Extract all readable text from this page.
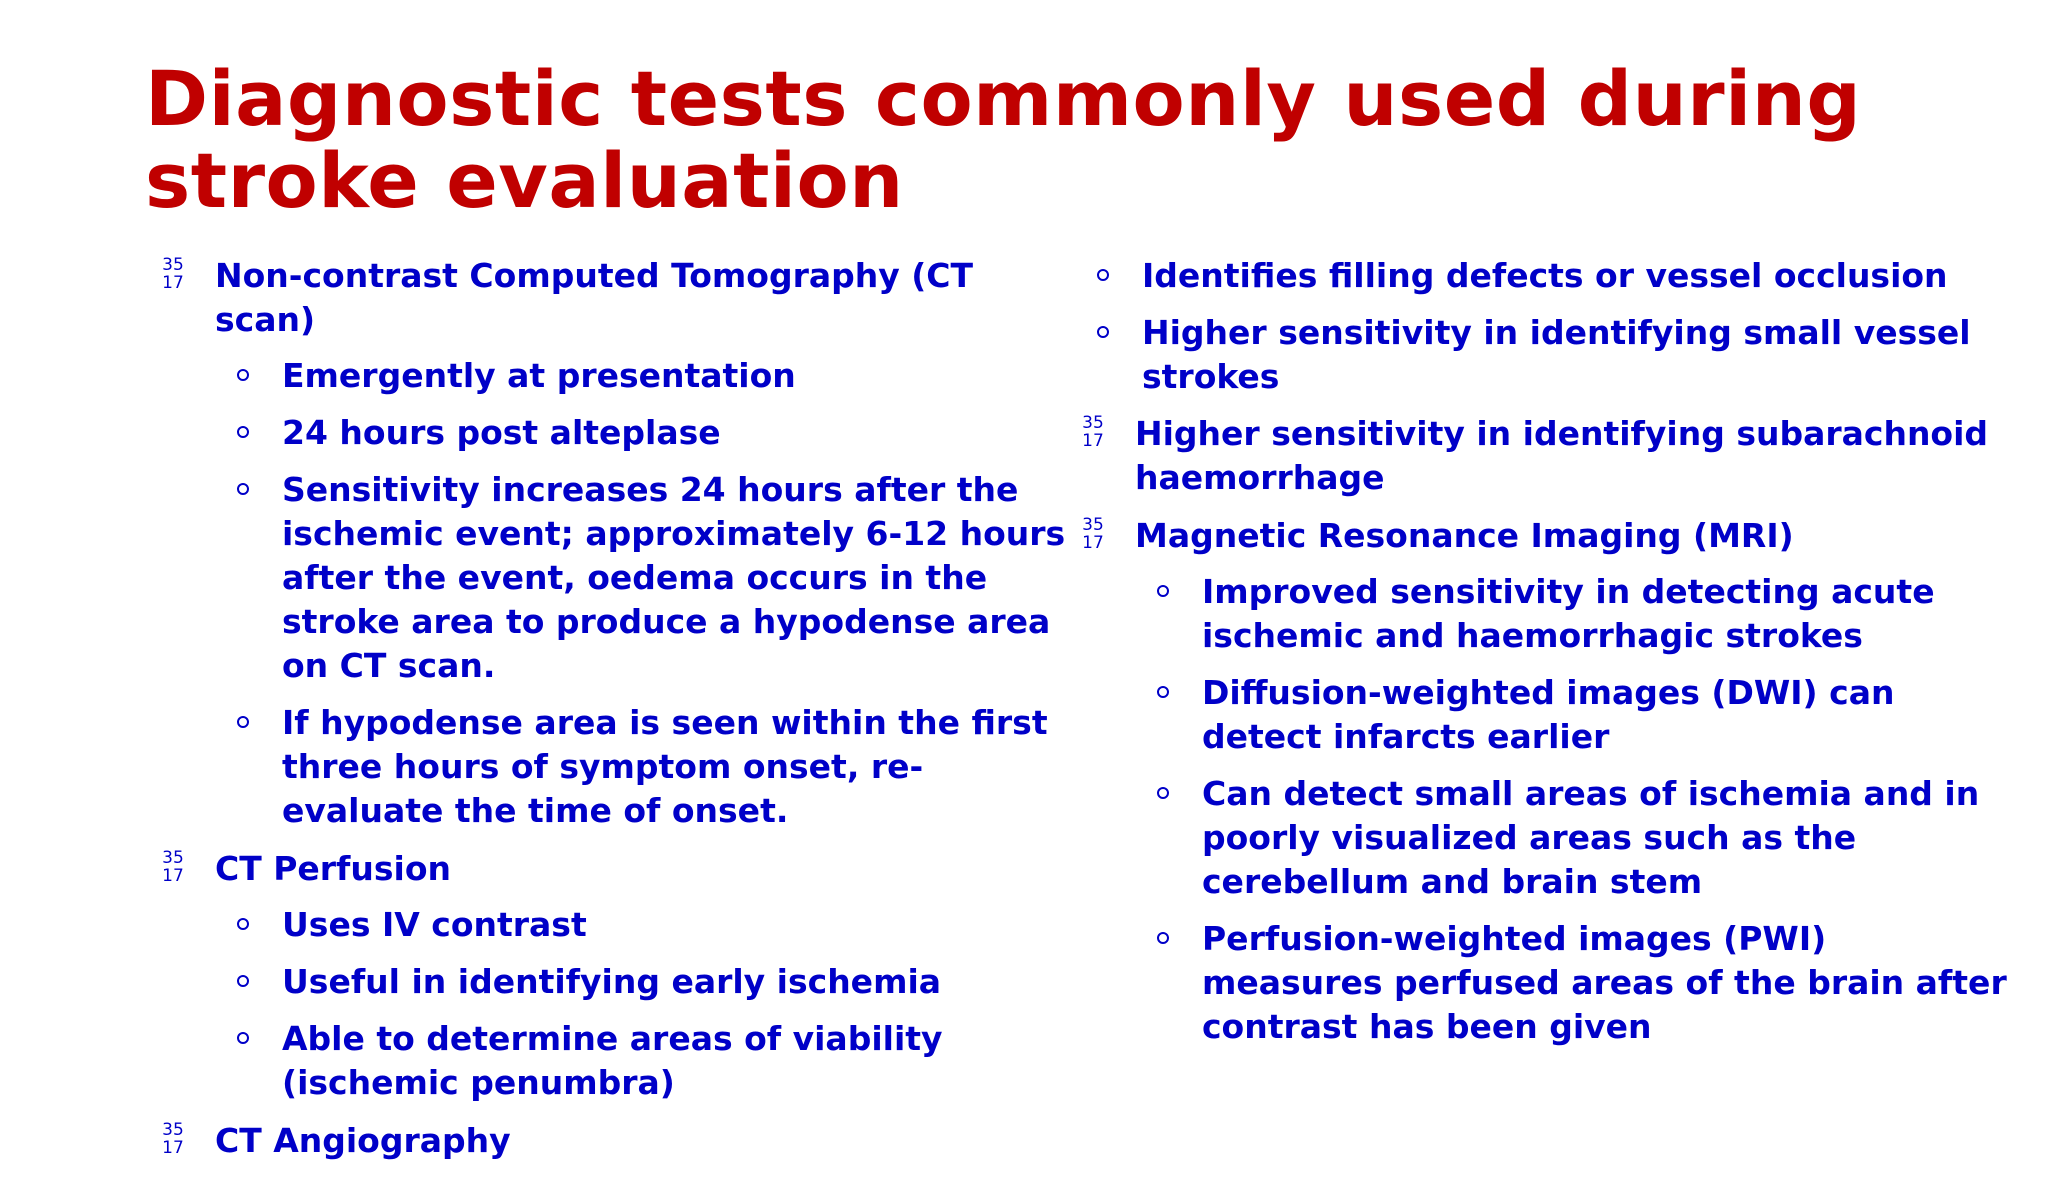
Diagnostic tests commonly used during stroke evaluation
35
17 Non-contrast Computed Tomography (CT scan)
Emergently at presentation
24 hours post alteplase
Sensitivity increases 24 hours after the ischemic event; approximately 6-12 hours after the event, oedema occurs in the stroke area to produce a hypodense area on CT scan.
If hypodense area is seen within the first three hours of symptom onset, re-evaluate the time of onset.
35
17 CT Perfusion
Uses IV contrast
Useful in identifying early ischemia
Able to determine areas of viability (ischemic penumbra)
35
17 CT Angiography
Identifies filling defects or vessel occlusion
Higher sensitivity in identifying small vessel strokes
35
17 Higher sensitivity in identifying subarachnoid haemorrhage
35
17 Magnetic Resonance Imaging (MRI)
Improved sensitivity in detecting acute ischemic and haemorrhagic strokes
Diffusion-weighted images (DWI) can detect infarcts earlier
Can detect small areas of ischemia and in poorly visualized areas such as the cerebellum and brain stem
Perfusion-weighted images (PWI) measures perfused areas of the brain after contrast has been given
